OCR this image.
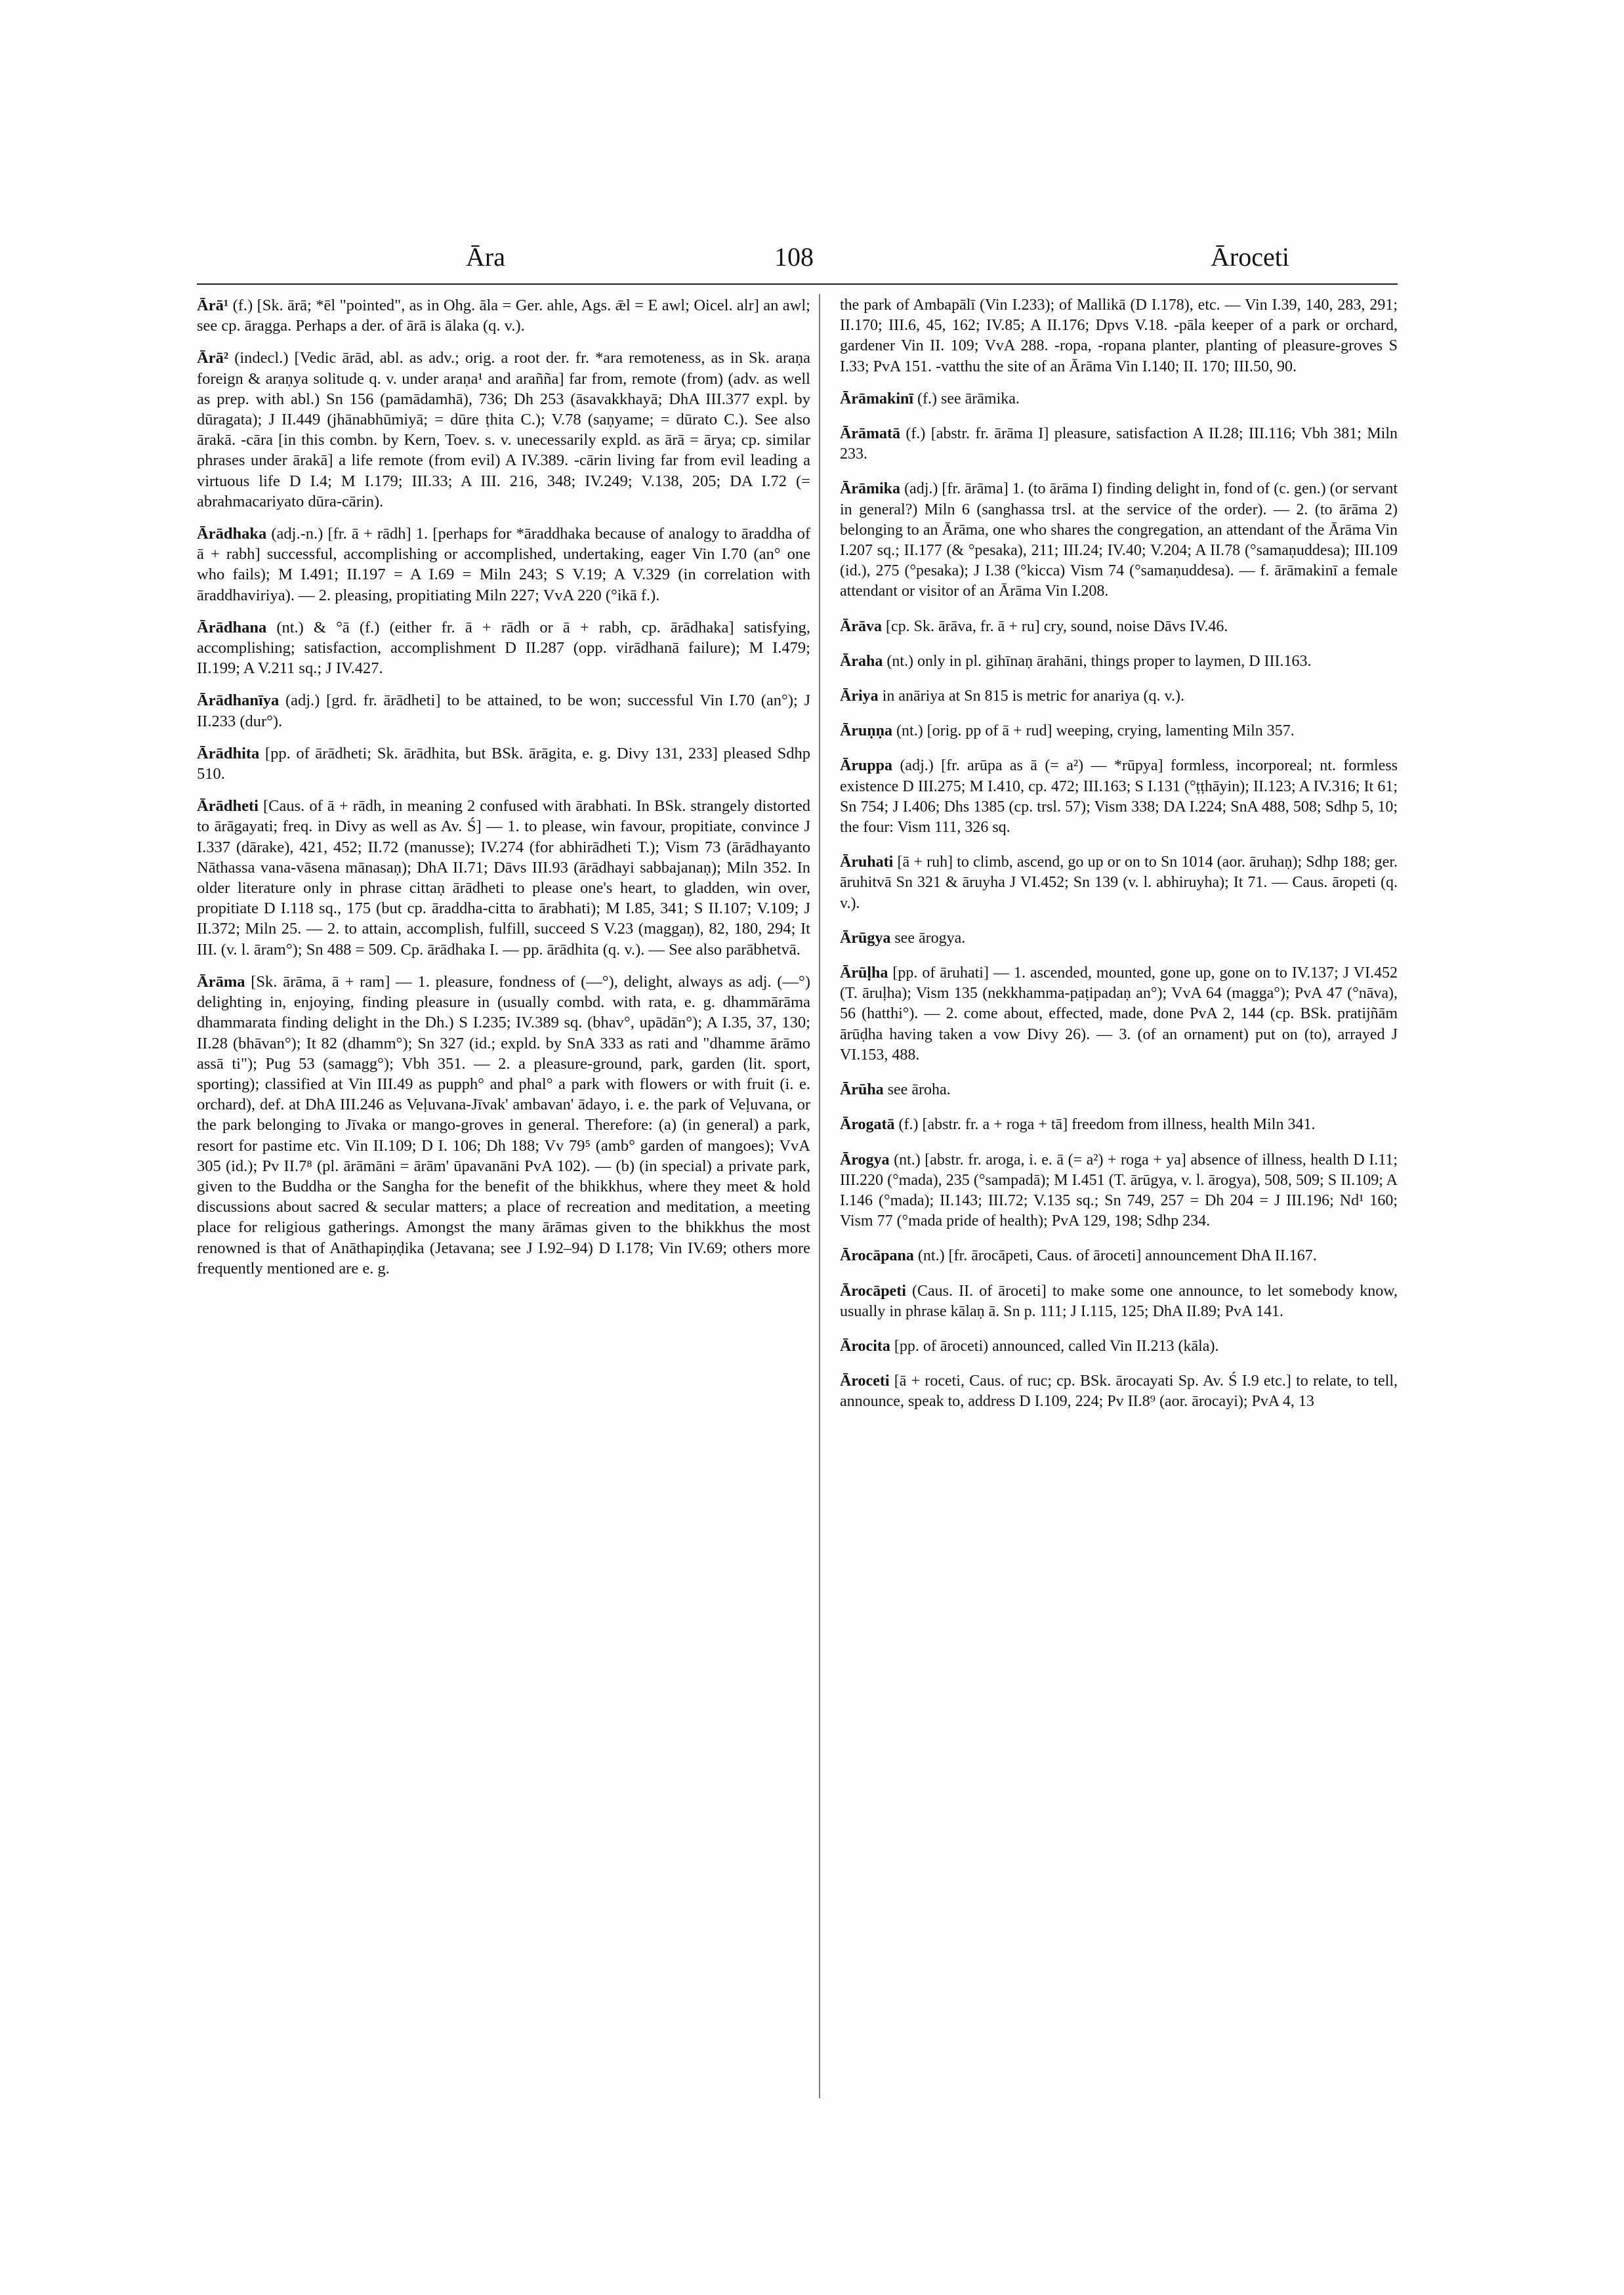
Āra	108	Āroceti

Ārā¹ (f.) [Sk. ārā; *ēl "pointed", as in Ohg. āla = Ger. ahle, Ags. ǣl = E awl; Oicel. alr] an awl; see cp. āragga. Perhaps a der. of ārā is ālaka (q. v.).

Ārā² (indecl.) [Vedic ārād, abl. as adv.; orig. a root der. fr. *ara remoteness, as in Sk. araṇa foreign & araṇya solitude q. v. under araṇa¹ and arañña] far from, remote (from) (adv. as well as prep. with abl.) Sn 156 (pamādamhā), 736; Dh 253 (āsavakkhayā; DhA III.377 expl. by dūragata); J II.449 (jhānabhūmiyā; = dūre ṭhita C.); V.78 (saṇyame; = dūrato C.). See also ārakā. -cāra [in this combn. by Kern, Toev. s. v. unecessarily expld. as ārā = ārya; cp. similar phrases under ārakā] a life remote (from evil) A IV.389. -cārin living far from evil leading a virtuous life D I.4; M I.179; III.33; A III. 216, 348; IV.249; V.138, 205; DA I.72 (= abrahmacariyato dūra-cārin).

Ārādhaka (adj.-n.) [fr. ā + rādh] 1. [perhaps for *āraddhaka because of analogy to āraddha of ā + rabh] successful, accomplishing or accomplished, undertaking, eager Vin I.70 (an° one who fails); M I.491; II.197 = A I.69 = Miln 243; S V.19; A V.329 (in correlation with āraddhaviriya). — 2. pleasing, propitiating Miln 227; VvA 220 (°ikā f.).

Ārādhana (nt.) & °ā (f.) (either fr. ā + rādh or ā + rabh, cp. ārādhaka] satisfying, accomplishing; satisfaction, accomplishment D II.287 (opp. virādhanā failure); M I.479; II.199; A V.211 sq.; J IV.427.

Ārādhanīya (adj.) [grd. fr. ārādheti] to be attained, to be won; successful Vin I.70 (an°); J II.233 (dur°).

Ārādhita [pp. of ārādheti; Sk. ārādhita, but BSk. ārāgita, e. g. Divy 131, 233] pleased Sdhp 510.

Ārādheti [Caus. of ā + rādh, in meaning 2 confused with ārabhati. In BSk. strangely distorted to ārāgayati; freq. in Divy as well as Av. Ś] — 1. to please, win favour, propitiate, convince J I.337 (dārake), 421, 452; II.72 (manusse); IV.274 (for abhirādheti T.); Vism 73 (ārādhayanto Nāthassa vana-vāsena mānasaṇ); DhA II.71; Dāvs III.93 (ārādhayi sabbajanaṇ); Miln 352. In older literature only in phrase cittaṇ ārādheti to please one's heart, to gladden, win over, propitiate D I.118 sq., 175 (but cp. āraddha-citta to ārabhati); M I.85, 341; S II.107; V.109; J II.372; Miln 25. — 2. to attain, accomplish, fulfill, succeed S V.23 (maggaṇ), 82, 180, 294; It III. (v. l. āram°); Sn 488 = 509. Cp. ārādhaka I. — pp. ārādhita (q. v.). — See also parābhetvā.

Ārāma [Sk. ārāma, ā + ram] — 1. pleasure, fondness of (—°), delight, always as adj. (—°) delighting in, enjoying, finding pleasure in (usually combd. with rata, e. g. dhammārāma dhammarata finding delight in the Dh.) S I.235; IV.389 sq. (bhav°, upādān°); A I.35, 37, 130; II.28 (bhāvan°); It 82 (dhamm°); Sn 327 (id.; expld. by SnA 333 as rati and "dhamme ārāmo assā ti"); Pug 53 (samagg°); Vbh 351. — 2. a pleasure-ground, park, garden (lit. sport, sporting); classified at Vin III.49 as pupph° and phal° a park with flowers or with fruit (i. e. orchard), def. at DhA III.246 as Veḷuvana-Jīvak' ambavan' ādayo, i. e. the park of Veḷuvana, or the park belonging to Jīvaka or mango-groves in general. Therefore: (a) (in general) a park, resort for pastime etc. Vin II.109; D I. 106; Dh 188; Vv 79⁵ (amb° garden of mangoes); VvA 305 (id.); Pv II.7⁸ (pl. ārāmāni = ārām' ūpavanāni PvA 102). — (b) (in special) a private park, given to the Buddha or the Sangha for the benefit of the bhikkhus, where they meet & hold discussions about sacred & secular matters; a place of recreation and meditation, a meeting place for religious gatherings. Amongst the many ārāmas given to the bhikkhus the most renowned is that of Anāthapiṇḍika (Jetavana; see J I.92–94) D I.178; Vin IV.69; others more frequently mentioned are e. g.

the park of Ambapālī (Vin I.233); of Mallikā (D I.178), etc. — Vin I.39, 140, 283, 291; II.170; III.6, 45, 162; IV.85; A II.176; Dpvs V.18. -pāla keeper of a park or orchard, gardener Vin II. 109; VvA 288. -ropa, -ropana planter, planting of pleasure-groves S I.33; PvA 151. -vatthu the site of an Ārāma Vin I.140; II. 170; III.50, 90.

Ārāmakinī (f.) see ārāmika.

Ārāmatā (f.) [abstr. fr. ārāma I] pleasure, satisfaction A II.28; III.116; Vbh 381; Miln 233.

Ārāmika (adj.) [fr. ārāma] 1. (to ārāma I) finding delight in, fond of (c. gen.) (or servant in general?) Miln 6 (sanghassa trsl. at the service of the order). — 2. (to ārāma 2) belonging to an Ārāma, one who shares the congregation, an attendant of the Ārāma Vin I.207 sq.; II.177 (& °pesaka), 211; III.24; IV.40; V.204; A II.78 (°samaṇuddesa); III.109 (id.), 275 (°pesaka); J I.38 (°kicca) Vism 74 (°samaṇuddesa). — f. ārāmakinī a female attendant or visitor of an Ārāma Vin I.208.

Ārāva [cp. Sk. ārāva, fr. ā + ru] cry, sound, noise Dāvs IV.46.

Āraha (nt.) only in pl. gihīnaṇ ārahāni, things proper to laymen, D III.163.

Āriya in anāriya at Sn 815 is metric for anariya (q. v.).

Āruṇṇa (nt.) [orig. pp of ā + rud] weeping, crying, lamenting Miln 357.

Āruppa (adj.) [fr. arūpa as ā (= a²) — *rūpya] formless, incorporeal; nt. formless existence D III.275; M I.410, cp. 472; III.163; S I.131 (°ṭṭhāyin); II.123; A IV.316; It 61; Sn 754; J I.406; Dhs 1385 (cp. trsl. 57); Vism 338; DA I.224; SnA 488, 508; Sdhp 5, 10; the four: Vism 111, 326 sq.

Āruhati [ā + ruh] to climb, ascend, go up or on to Sn 1014 (aor. āruhaṇ); Sdhp 188; ger. āruhitvā Sn 321 & āruyha J VI.452; Sn 139 (v. l. abhiruyha); It 71. — Caus. āropeti (q. v.).

Ārūgya see ārogya.

Ārūḷha [pp. of āruhati] — 1. ascended, mounted, gone up, gone on to IV.137; J VI.452 (T. āruḷha); Vism 135 (nekkhamma-paṭipadaṇ an°); VvA 64 (magga°); PvA 47 (°nāva), 56 (hatthi°). — 2. come about, effected, made, done PvA 2, 144 (cp. BSk. pratijñām ārūḍha having taken a vow Divy 26). — 3. (of an ornament) put on (to), arrayed J VI.153, 488.

Ārūha see āroha.

Ārogatā (f.) [abstr. fr. a + roga + tā] freedom from illness, health Miln 341.

Ārogya (nt.) [abstr. fr. aroga, i. e. ā (= a²) + roga + ya] absence of illness, health D I.11; III.220 (°mada), 235 (°sampadā); M I.451 (T. ārūgya, v. l. ārogya), 508, 509; S II.109; A I.146 (°mada); II.143; III.72; V.135 sq.; Sn 749, 257 = Dh 204 = J III.196; Nd¹ 160; Vism 77 (°mada pride of health); PvA 129, 198; Sdhp 234.

Ārocāpana (nt.) [fr. ārocāpeti, Caus. of āroceti] announcement DhA II.167.

Ārocāpeti (Caus. II. of āroceti] to make some one announce, to let somebody know, usually in phrase kālaṇ ā. Sn p. 111; J I.115, 125; DhA II.89; PvA 141.

Ārocita [pp. of āroceti) announced, called Vin II.213 (kāla).

Āroceti [ā + roceti, Caus. of ruc; cp. BSk. ārocayati Sp. Av. Ś I.9 etc.] to relate, to tell, announce, speak to, address D I.109, 224; Pv II.8⁹ (aor. ārocayi); PvA 4, 13
